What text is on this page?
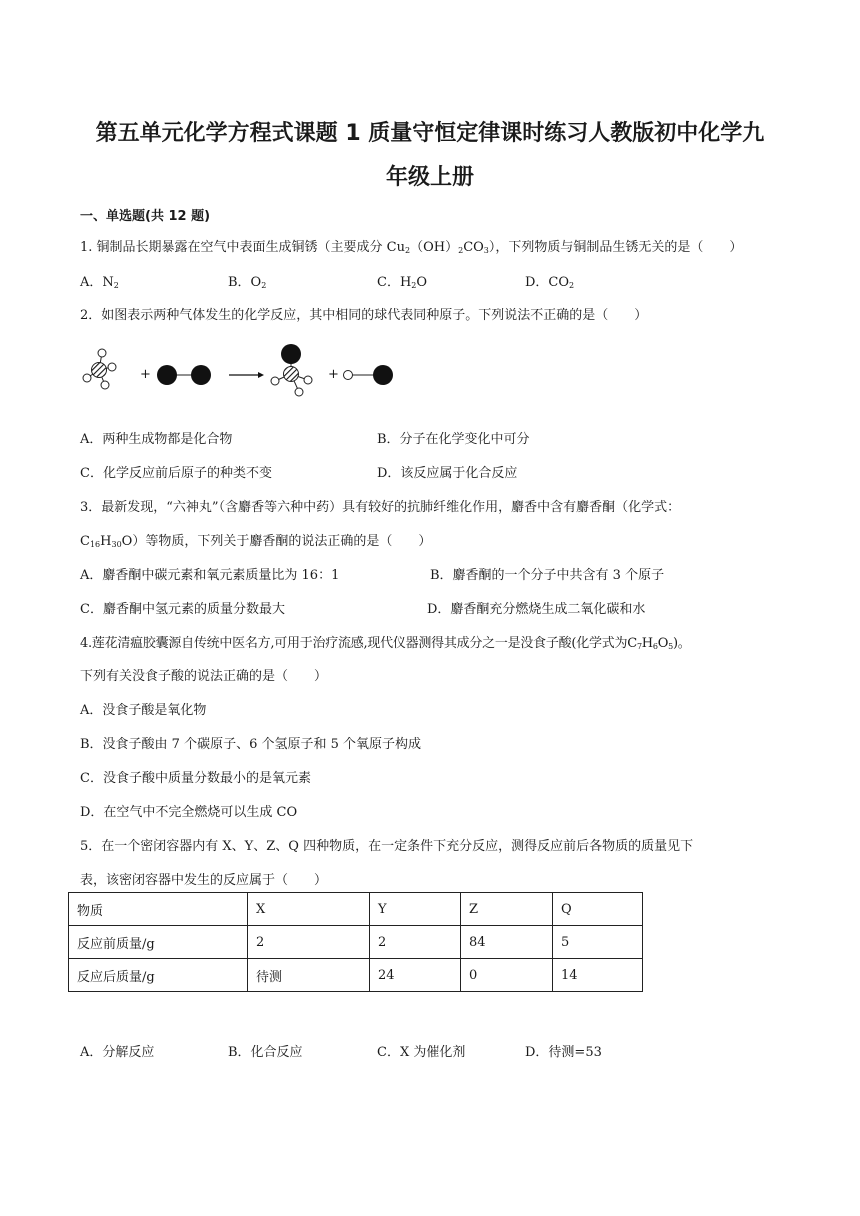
第五单元化学方程式课题 1 质量守恒定律课时练习人教版初中化学九
年级上册
一、单选题(共 12 题)
1. 铜制品长期暴露在空气中表面生成铜锈（主要成分 $Cu_2(OH)_2CO_3$），下列物质与铜制品生锈无关的是（　　）
A．$N_2$	B．$O_2$	C．$H_2O$	D．$CO_2$
2．如图表示两种气体发生的化学反应，其中相同的球代表同种原子。下列说法不正确的是（　　）
+	+
A．两种生成物都是化合物	B．分子在化学变化中可分
C．化学反应前后原子的种类不变	D．该反应属于化合反应
3．最新发现，“六神丸”（含麝香等六种中药）具有较好的抗肺纤维化作用，麝香中含有麝香酮（化学式：
$C_{16}H_{30}O$）等物质，下列关于麝香酮的说法正确的是（　　）
A．麝香酮中碳元素和氧元素质量比为 16：1	B．麝香酮的一个分子中共含有 3 个原子
C．麝香酮中氢元素的质量分数最大	D．麝香酮充分燃烧生成二氧化碳和水
4.莲花清瘟胶囊源自传统中医名方,可用于治疗流感,现代仪器测得其成分之一是没食子酸(化学式为$C_7H_6O_5$)。
下列有关没食子酸的说法正确的是（　　）
A．没食子酸是氧化物
B．没食子酸由 7 个碳原子、6 个氢原子和 5 个氧原子构成
C．没食子酸中质量分数最小的是氧元素
D．在空气中不完全燃烧可以生成 CO
5．在一个密闭容器内有 X、Y、Z、Q 四种物质，在一定条件下充分反应，测得反应前后各物质的质量见下
表，该密闭容器中发生的反应属于（　　）
物质	X	Y	Z	Q
反应前质量/g	2	2	84	5
反应后质量/g	待测	24	0	14
A．分解反应	B．化合反应	C．X 为催化剂	D．待测=53
